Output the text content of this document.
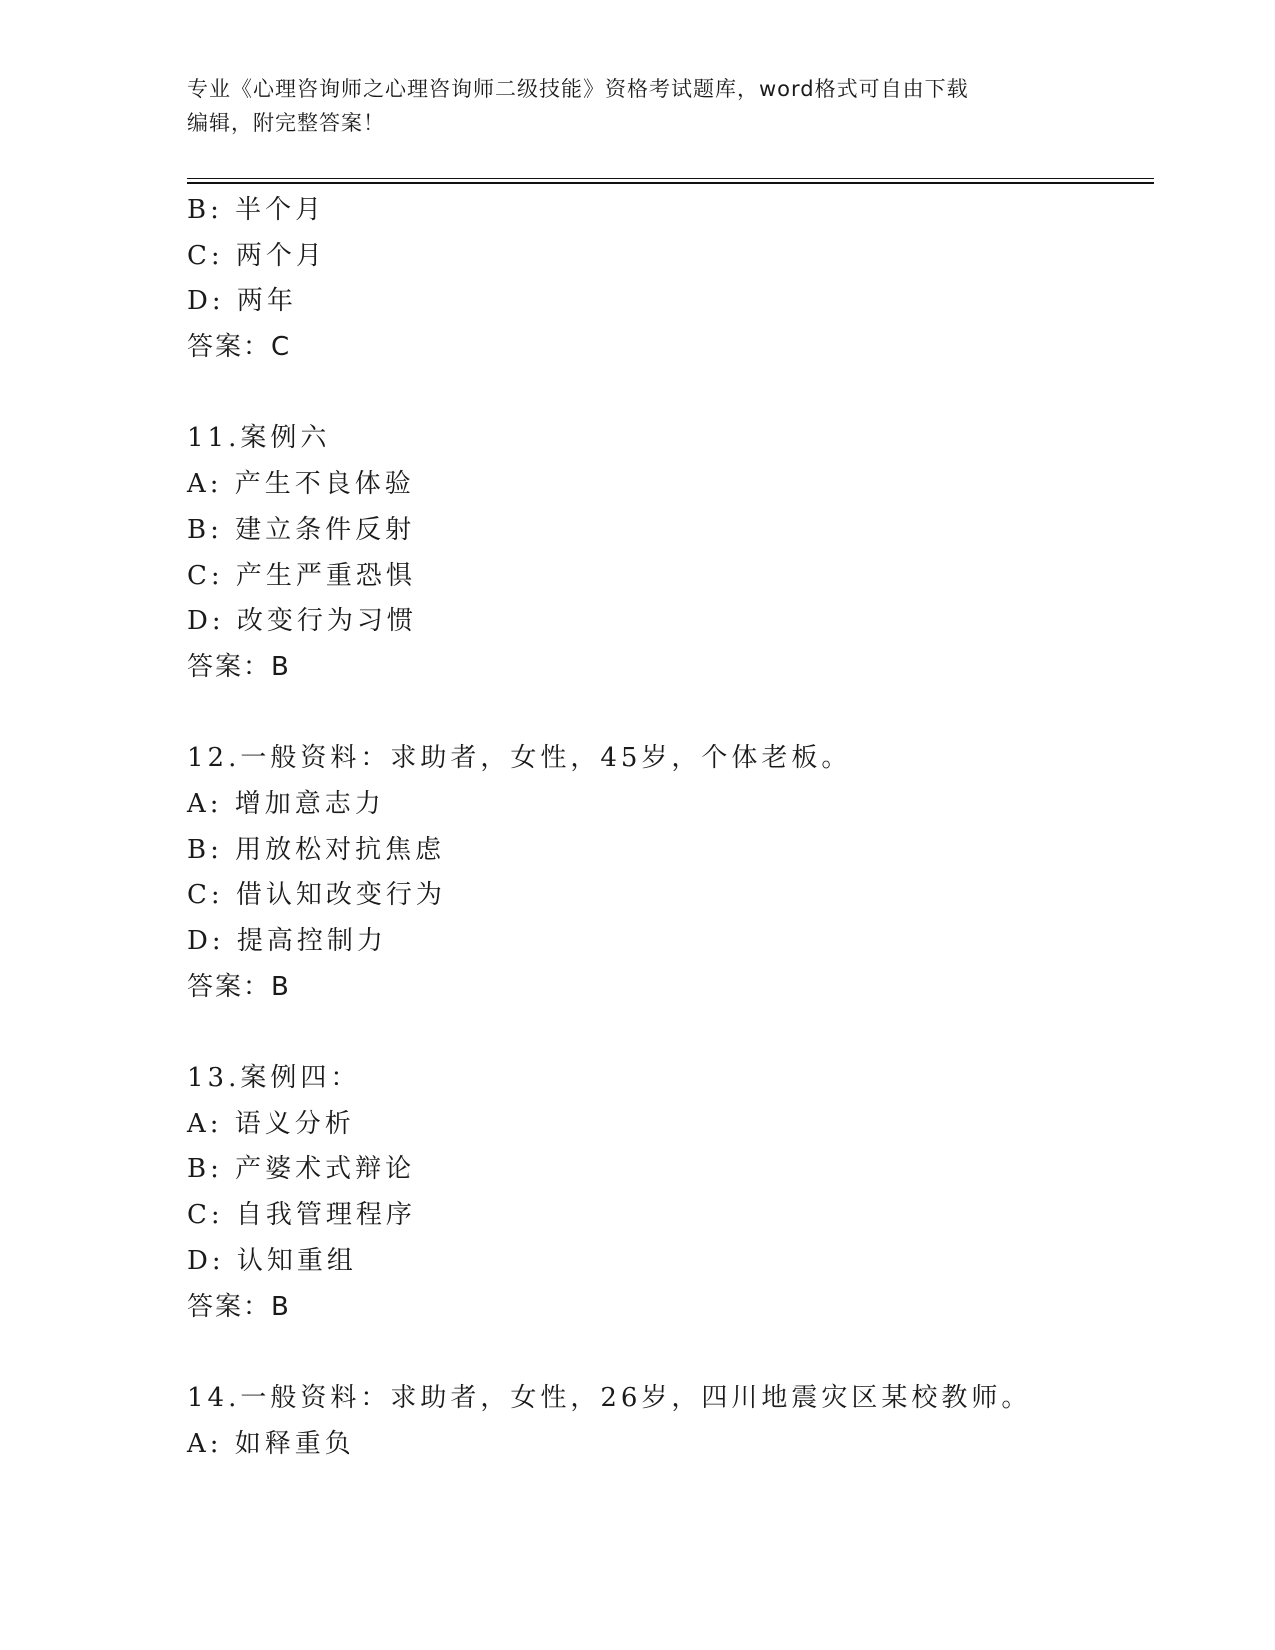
专业《心理咨询师之心理咨询师二级技能》资格考试题库，word格式可自由下载
编辑，附完整答案！
B: 半个月
C: 两个月
D: 两年
答案：C
11.案例六
A: 产生不良体验
B: 建立条件反射
C: 产生严重恐惧
D: 改变行为习惯
答案：B
12.一般资料：求助者，女性，45岁，个体老板。
A: 增加意志力
B: 用放松对抗焦虑
C: 借认知改变行为
D: 提高控制力
答案：B
13.案例四：
A: 语义分析
B: 产婆术式辩论
C: 自我管理程序
D: 认知重组
答案：B
14.一般资料：求助者，女性，26岁，四川地震灾区某校教师。
A: 如释重负
